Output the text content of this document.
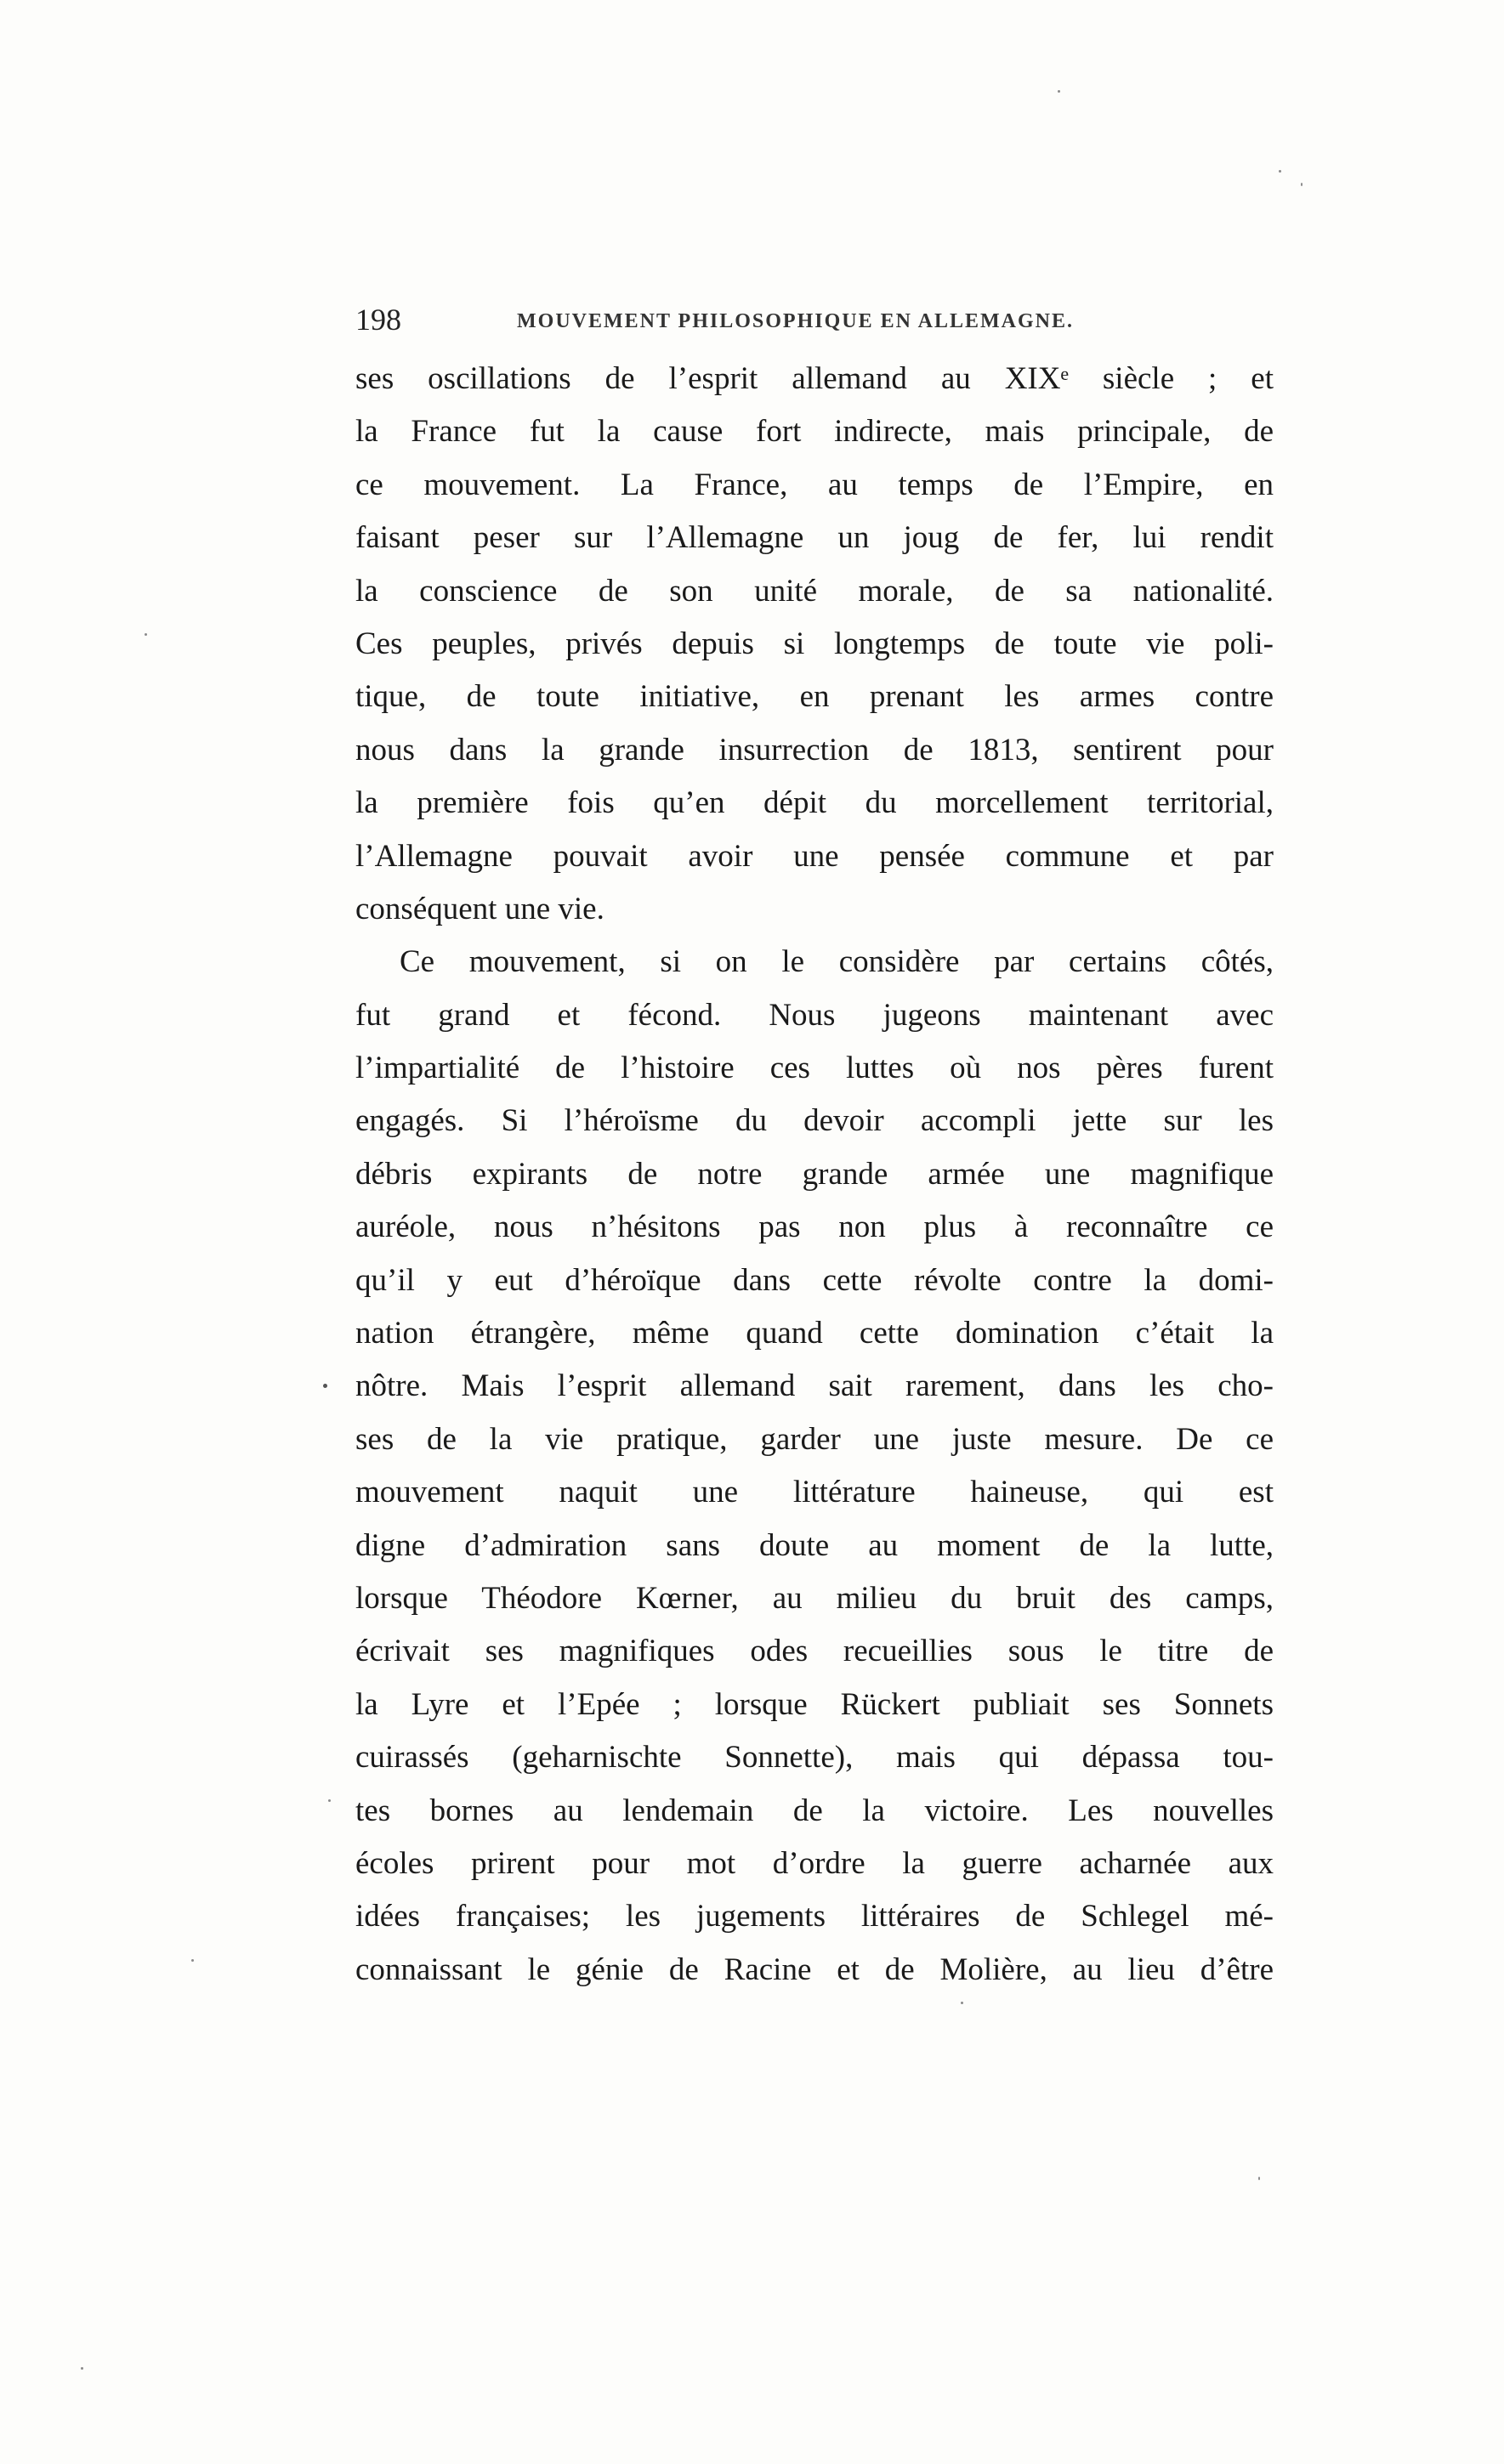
198	MOUVEMENT PHILOSOPHIQUE EN ALLEMAGNE.
ses oscillations de l’esprit allemand au XIXᵉ siècle ; et
la France fut la cause fort indirecte, mais principale, de
ce mouvement. La France, au temps de l’Empire, en
faisant peser sur l’Allemagne un joug de fer, lui rendit
la conscience de son unité morale, de sa nationalité.
Ces peuples, privés depuis si longtemps de toute vie poli-
tique, de toute initiative, en prenant les armes contre
nous dans la grande insurrection de 1813, sentirent pour
la première fois qu’en dépit du morcellement territorial,
l’Allemagne pouvait avoir une pensée commune et par
conséquent une vie.
Ce mouvement, si on le considère par certains côtés,
fut grand et fécond. Nous jugeons maintenant avec
l’impartialité de l’histoire ces luttes où nos pères furent
engagés. Si l’héroïsme du devoir accompli jette sur les
débris expirants de notre grande armée une magnifique
auréole, nous n’hésitons pas non plus à reconnaître ce
qu’il y eut d’héroïque dans cette révolte contre la domi-
nation étrangère, même quand cette domination c’était la
nôtre. Mais l’esprit allemand sait rarement, dans les cho-
ses de la vie pratique, garder une juste mesure. De ce
mouvement naquit une littérature haineuse, qui est
digne d’admiration sans doute au moment de la lutte,
lorsque Théodore Kœrner, au milieu du bruit des camps,
écrivait ses magnifiques odes recueillies sous le titre de
la Lyre et l’Epée ; lorsque Rückert publiait ses Sonnets
cuirassés (geharnischte Sonnette), mais qui dépassa tou-
tes bornes au lendemain de la victoire. Les nouvelles
écoles prirent pour mot d’ordre la guerre acharnée aux
idées françaises; les jugements littéraires de Schlegel mé-
connaissant le génie de Racine et de Molière, au lieu d’être
